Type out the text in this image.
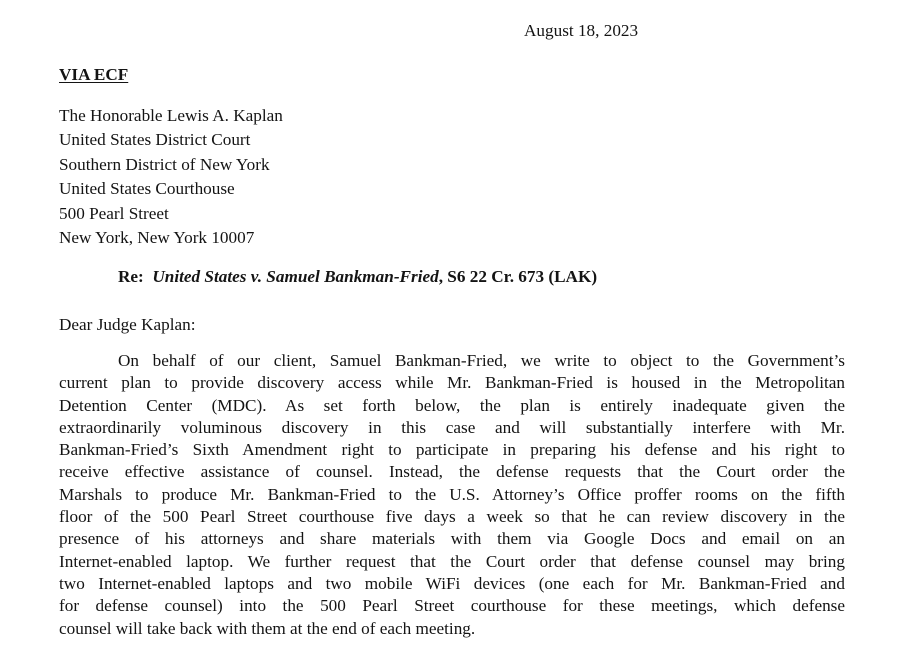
August 18, 2023
VIA ECF
The Honorable Lewis A. Kaplan
United States District Court
Southern District of New York
United States Courthouse
500 Pearl Street
New York, New York 10007
Re: United States v. Samuel Bankman-Fried, S6 22 Cr. 673 (LAK)
Dear Judge Kaplan:
On behalf of our client, Samuel Bankman-Fried, we write to object to the Government’s
current plan to provide discovery access while Mr. Bankman-Fried is housed in the Metropolitan
Detention Center (MDC). As set forth below, the plan is entirely inadequate given the
extraordinarily voluminous discovery in this case and will substantially interfere with Mr.
Bankman-Fried’s Sixth Amendment right to participate in preparing his defense and his right to
receive effective assistance of counsel. Instead, the defense requests that the Court order the
Marshals to produce Mr. Bankman-Fried to the U.S. Attorney’s Office proffer rooms on the fifth
floor of the 500 Pearl Street courthouse five days a week so that he can review discovery in the
presence of his attorneys and share materials with them via Google Docs and email on an
Internet-enabled laptop. We further request that the Court order that defense counsel may bring
two Internet-enabled laptops and two mobile WiFi devices (one each for Mr. Bankman-Fried and
for defense counsel) into the 500 Pearl Street courthouse for these meetings, which defense
counsel will take back with them at the end of each meeting.
